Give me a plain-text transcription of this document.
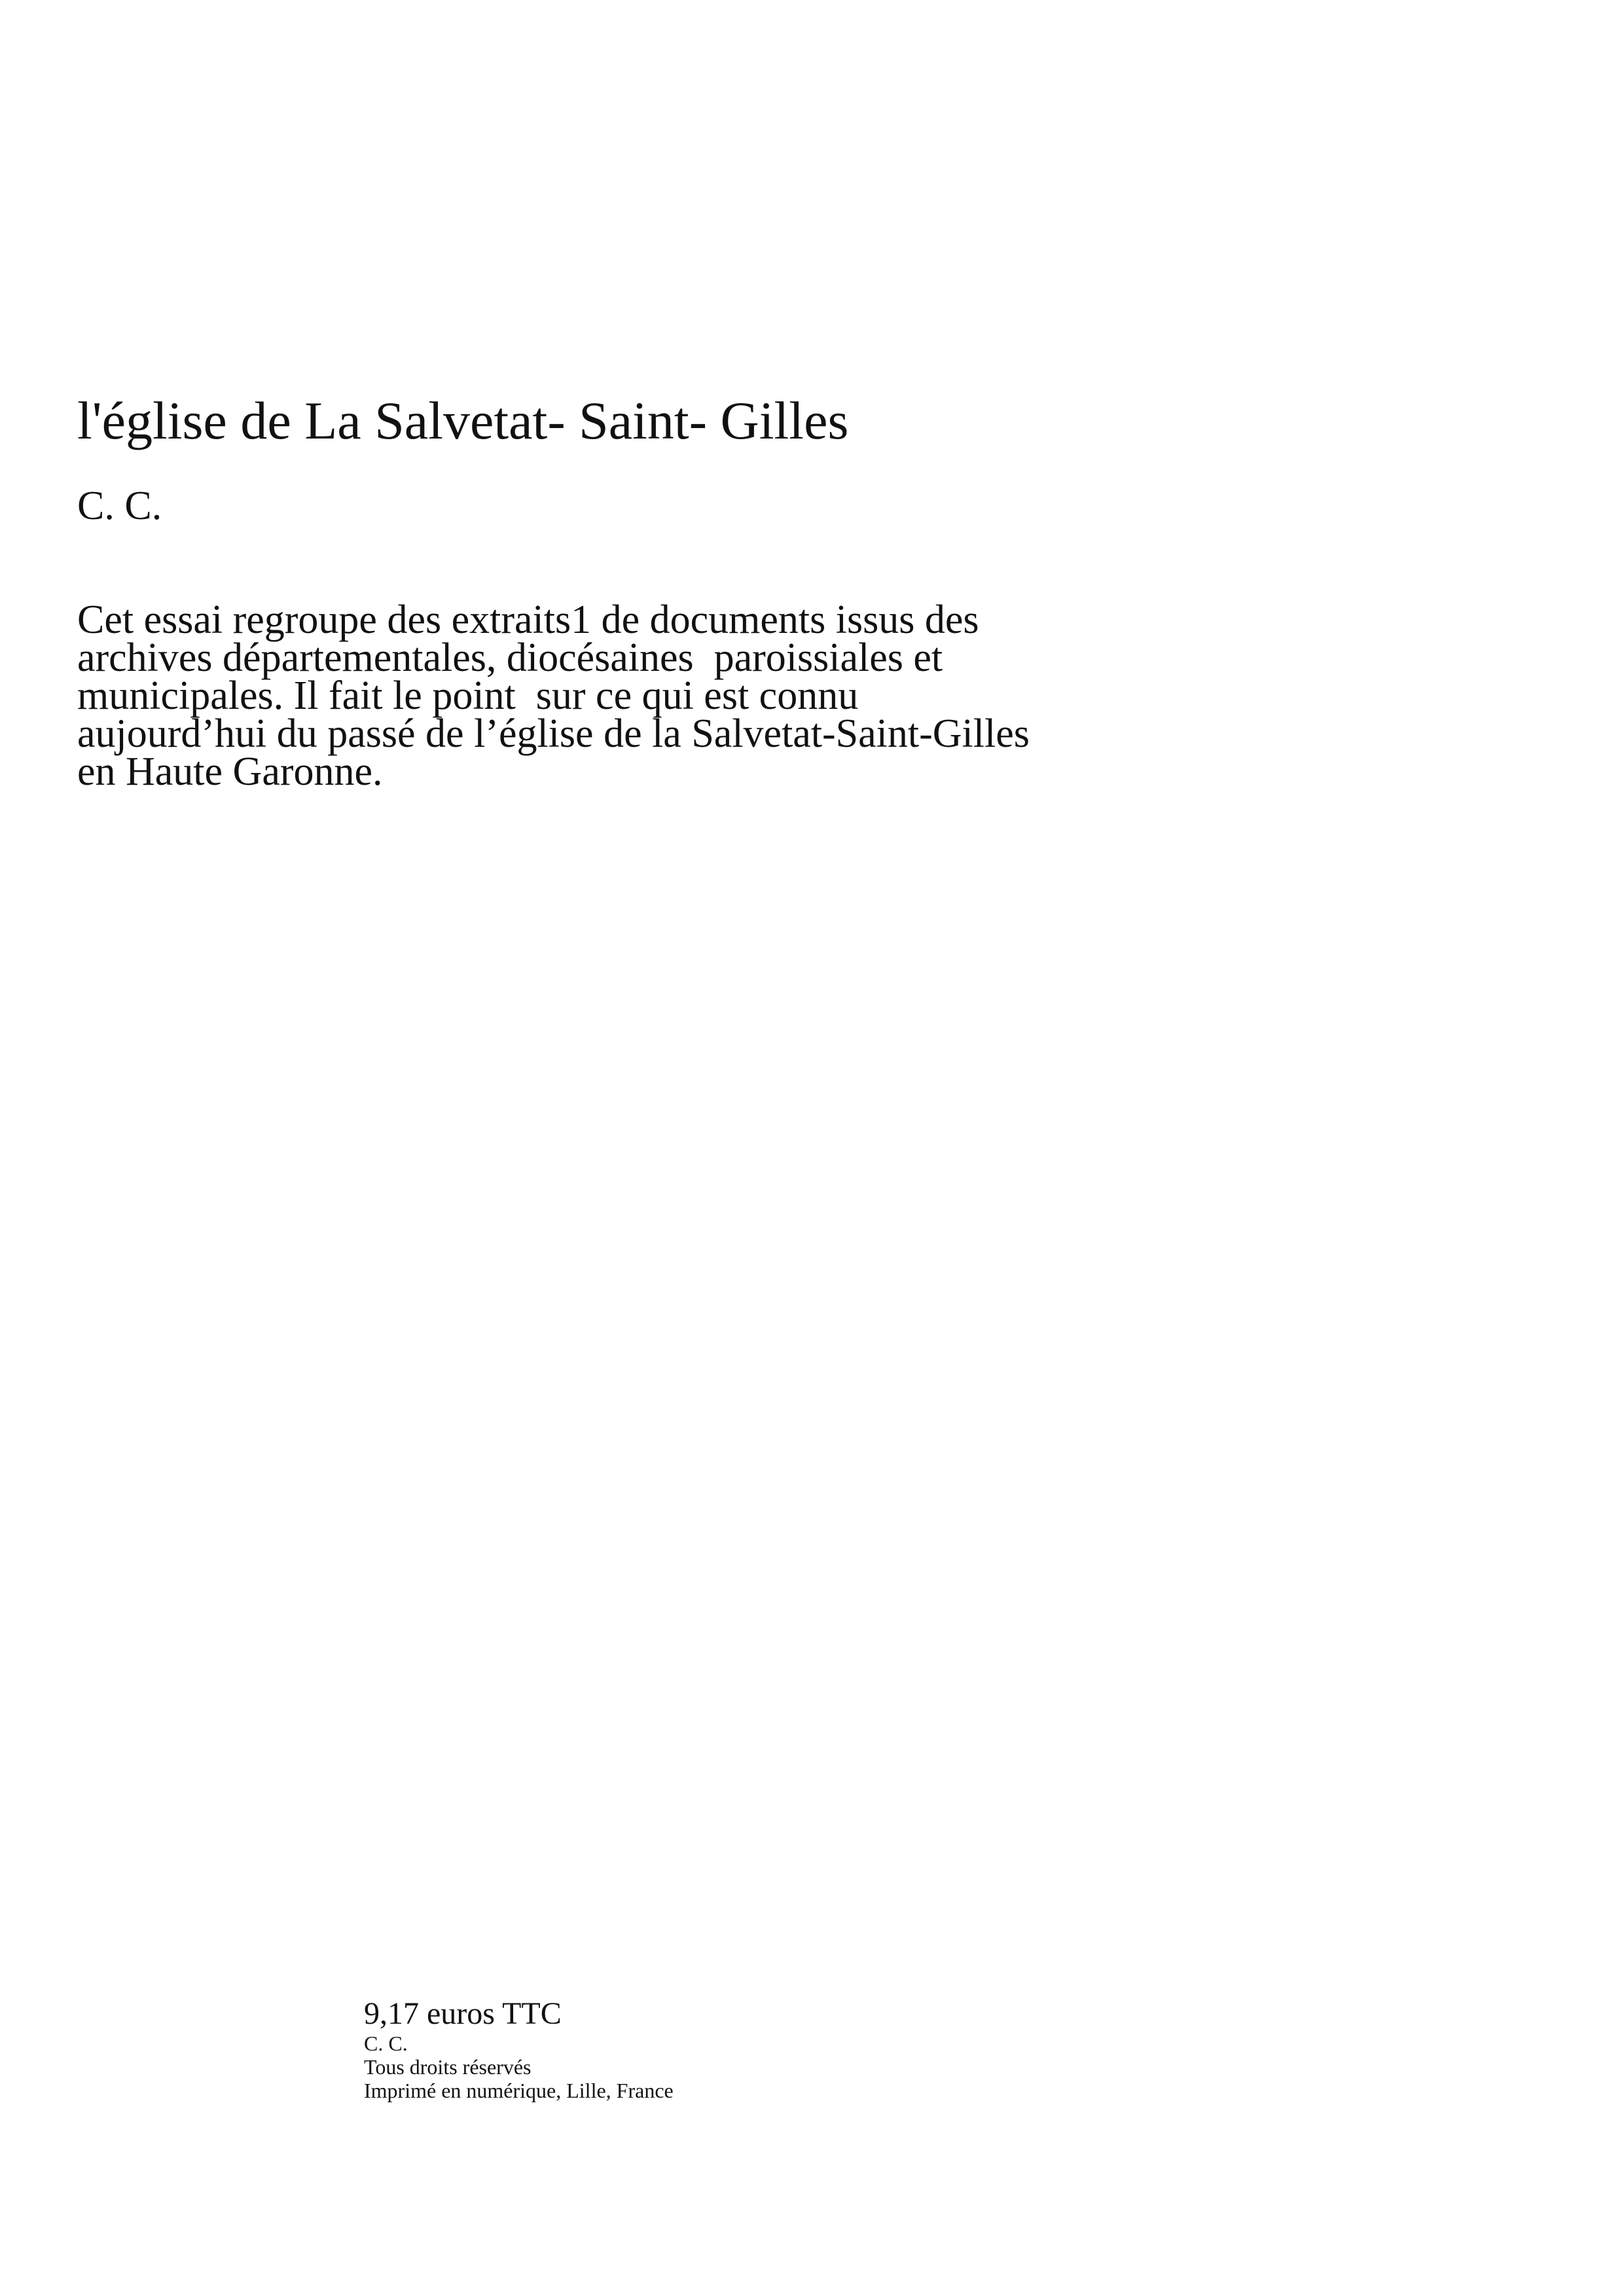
l'église de La Salvetat- Saint- Gilles

C. C.

Cet essai regroupe des extraits1 de documents issus des
archives départementales, diocésaines  paroissiales et
municipales. Il fait le point  sur ce qui est connu
aujourd’hui du passé de l’église de la Salvetat-Saint-Gilles
en Haute Garonne.

9,17 euros TTC
C. C.
Tous droits réservés
Imprimé en numérique, Lille, France
